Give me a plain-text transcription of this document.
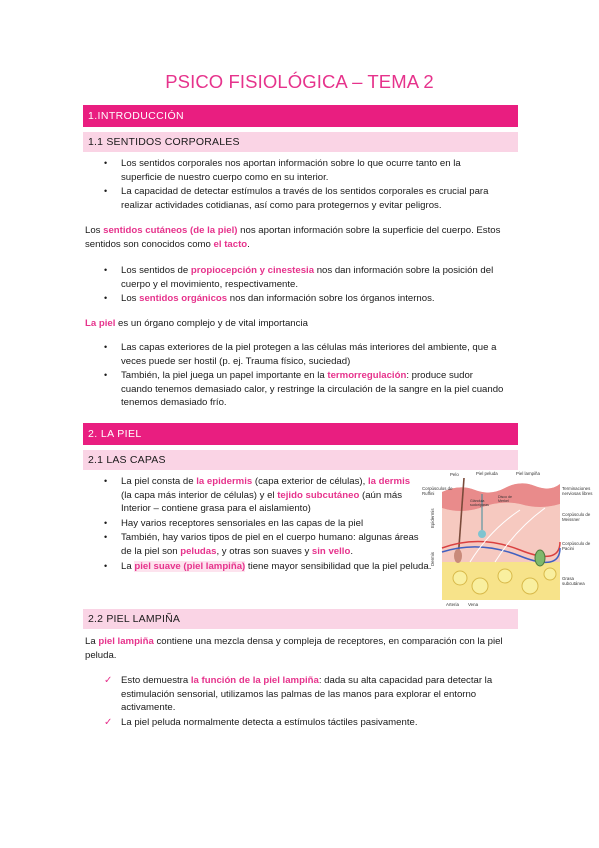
PSICO FISIOLÓGICA – TEMA 2
1.INTRODUCCIÓN
1.1 SENTIDOS CORPORALES
• Los sentidos corporales nos aportan información sobre lo que ocurre tanto en la
superficie de nuestro cuerpo como en su interior.
• La capacidad de detectar estímulos a través de los sentidos corporales es crucial para
realizar actividades cotidianas, así como para protegernos y evitar peligros.
Los sentidos cutáneos (de la piel) nos aportan información sobre la superficie del cuerpo. Estos
sentidos son conocidos como el tacto.
• Los sentidos de propiocepción y cinestesia nos dan información sobre la posición del
cuerpo y el movimiento, respectivamente.
• Los sentidos orgánicos nos dan información sobre los órganos internos.
La piel es un órgano complejo y de vital importancia
• Las capas exteriores de la piel protegen a las células más interiores del ambiente, que a
veces puede ser hostil (p. ej. Trauma físico, suciedad)
• También, la piel juega un papel importante en la termorregulación: produce sudor
cuando tenemos demasiado calor, y restringe la circulación de la sangre en la piel cuando
tenemos demasiado frío.
2. LA PIEL
2.1 LAS CAPAS
• La piel consta de la epidermis (capa exterior de células), la dermis
(la capa más interior de células) y el tejido subcutáneo (aún más
Interior – contiene grasa para el aislamiento)
• Hay varios receptores sensoriales en las capas de la piel
• También, hay varios tipos de piel en el cuerpo humano: algunas áreas
de la piel son peludas, y otras son suaves y sin vello.
• La piel suave (piel lampiña) tiene mayor sensibilidad que la piel peluda.
Pelo	Piel peluda	Piel lampiña
Corpúsculos de
Ruffini
Glándula
sudoríparas
Disco de
Merkel
Terminaciones
nerviosas libres
Corpúsculo de
Meissner
Corpúsculo de
Pacini
Grasa
subcutánea
Arteria Vena
Epidermis
Dermis
2.2 PIEL LAMPIÑA
La piel lampiña contiene una mezcla densa y compleja de receptores, en comparación con la piel
peluda.
✓ Esto demuestra la función de la piel lampiña: dada su alta capacidad para detectar la
estimulación sensorial, utilizamos las palmas de las manos para explorar el entorno
activamente.
✓ La piel peluda normalmente detecta a estímulos táctiles pasivamente.
